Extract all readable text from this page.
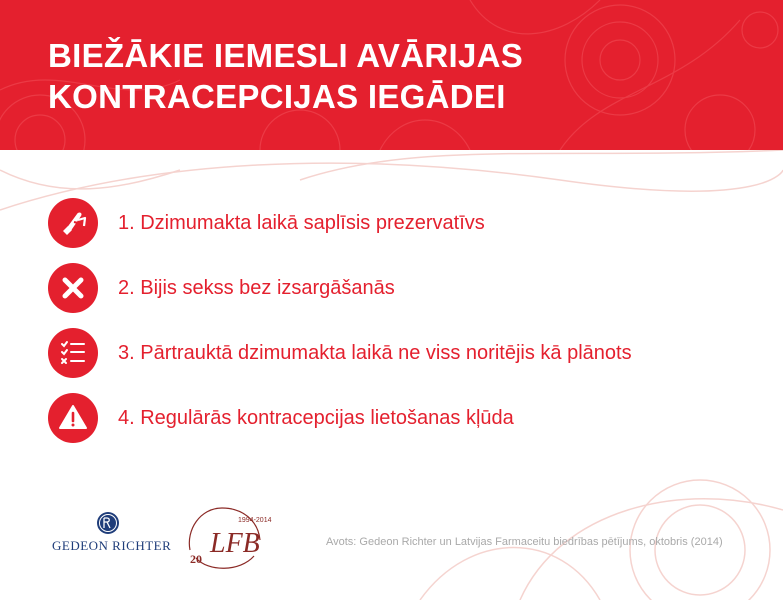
BIEŽĀKIE IEMESLI AVĀRIJAS
KONTRACEPCIJAS IEGĀDEI
1. Dzimumakta laikā saplīsis prezervatīvs
2. Bijis sekss bez izsargāšanās
3. Pārtrauktā dzimumakta laikā ne viss noritējis kā plānots
4. Regulārās kontracepcijas lietošanas kļūda
GEDEON RICHTER LFB
1994-2014
20
Avots: Gedeon Richter un Latvijas Farmaceitu biedrības pētījums, oktobris (2014)
